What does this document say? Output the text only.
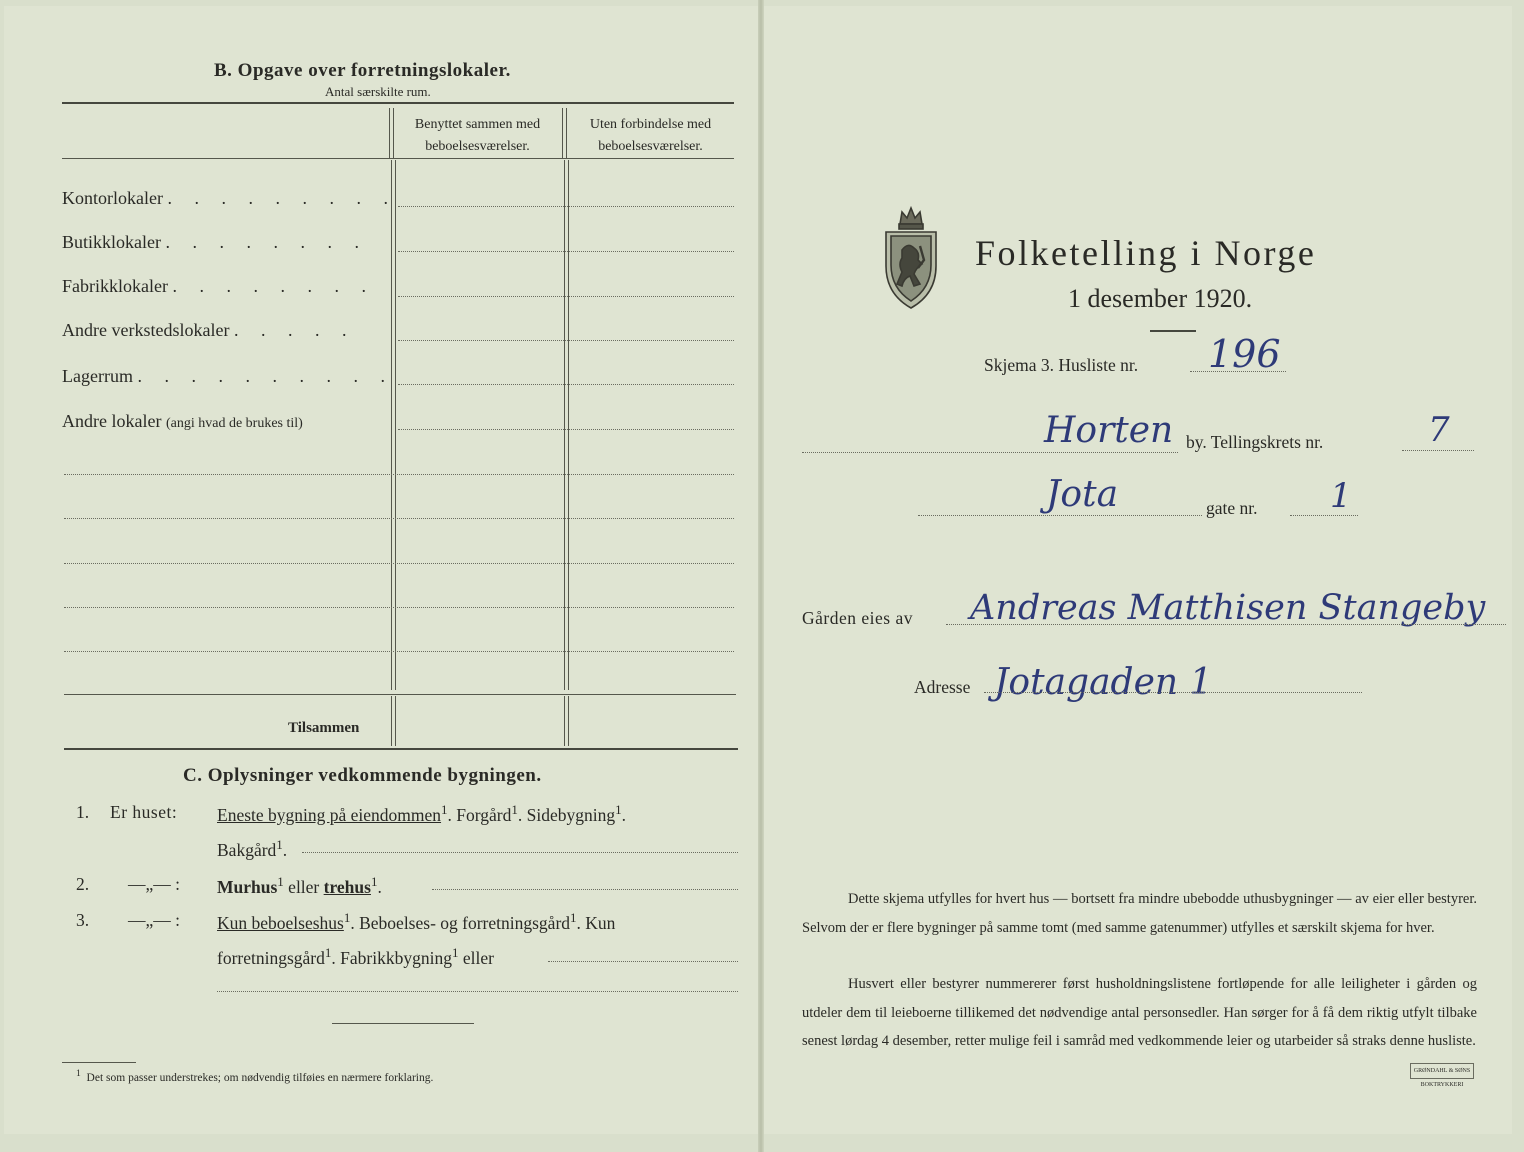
B. Opgave over forretningslokaler.
Antal særskilte rum.
Benyttet sammen med beboelsesværelser.
Uten forbindelse med beboelsesværelser.
Kontorlokaler . . . . . . . . .
Butikklokaler . . . . . . . .
Fabrikklokaler . . . . . . . .
Andre verkstedslokaler . . . . .
Lagerrum . . . . . . . . . .
Andre lokaler (angi hvad de brukes til)
Tilsammen
C. Oplysninger vedkommende bygningen.
1. Er huset: Eneste bygning på eiendommen$^1$. Forgård$^1$. Sidebygning$^1$.
Bakgård$^1$.
2. —„— : Murhus$^1$ eller trehus$^1$.
3. —„— : Kun beboelseshus$^1$. Beboelses- og forretningsgård$^1$. Kun
forretningsgård$^1$. Fabrikkbygning$^1$ eller
$^1$ Det som passer understrekes; om nødvendig tilføies en nærmere forklaring.
Folketelling i Norge
1 desember 1920.
Skjema 3. Husliste nr. 196
Horten by. Tellingskrets nr.	7
Jota	gate nr. 1
Gården eies av Andreas Matthisen Stangeby
Adresse Jotagaden 1
Dette skjema utfylles for hvert hus — bortsett fra mindre ubebodde uthusbygninger — av eier eller bestyrer. Selvom der er flere bygninger på samme tomt (med samme gatenummer) utfylles et særskilt skjema for hver.
Husvert eller bestyrer nummererer først husholdningslistene fortløpende for alle leiligheter i gården og utdeler dem til leieboerne tillikemed det nødvendige antal personsedler. Han sørger for å få dem riktig utfylt tilbake senest lørdag 4 desember, retter mulige feil i samråd med vedkommende leier og utarbeider så straks denne husliste.
GRØNDAHL & SØNS BOKTRYKKERI
